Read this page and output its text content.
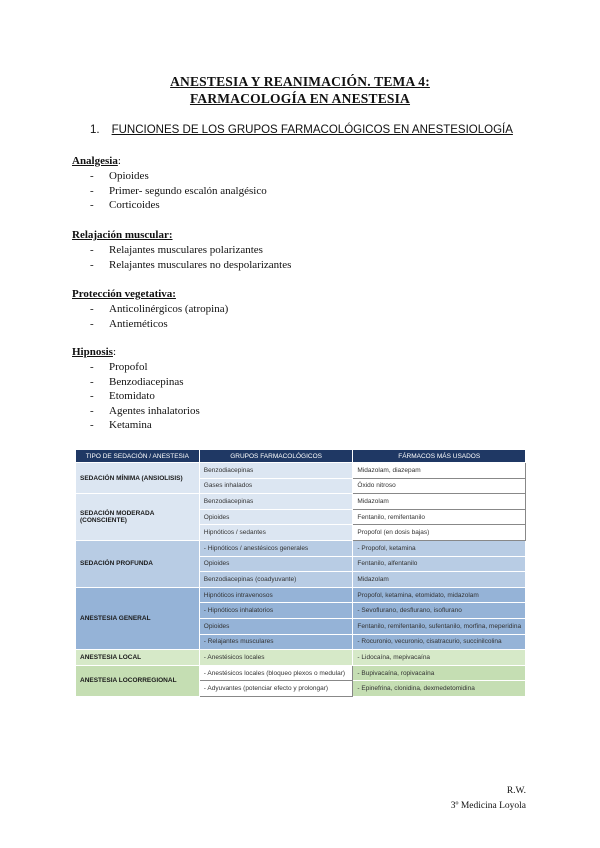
ANESTESIA Y REANIMACIÓN. TEMA 4:
FARMACOLOGÍA EN ANESTESIA
1. FUNCIONES DE LOS GRUPOS FARMACOLÓGICOS EN ANESTESIOLOGÍA
Analgesia:
- Opioides
- Primer- segundo escalón analgésico
- Corticoides
Relajación muscular:
- Relajantes musculares polarizantes
- Relajantes musculares no despolarizantes
Protección vegetativa:
- Anticolinérgicos (atropina)
- Antieméticos
Hipnosis:
- Propofol
- Benzodiacepinas
- Etomidato
- Agentes inhalatorios
- Ketamina
TIPO DE SEDACIÓN / ANESTESIA	GRUPOS FARMACOLÓGICOS	FÁRMACOS MÁS USADOS
SEDACIÓN MÍNIMA (ANSIOLISIS)	Benzodiacepinas	Midazolam, diazepam
	Gases inhalados	Óxido nitroso
SEDACIÓN MODERADA (CONSCIENTE)	Benzodiacepinas	Midazolam
	Opioides	Fentanilo, remifentanilo
	Hipnóticos / sedantes	Propofol (en dosis bajas)
SEDACIÓN PROFUNDA	- Hipnóticos / anestésicos generales	- Propofol, ketamina
	Opioides	Fentanilo, alfentanilo
	Benzodiacepinas (coadyuvante)	Midazolam
ANESTESIA GENERAL	Hipnóticos intravenosos	Propofol, ketamina, etomidato, midazolam
	- Hipnóticos inhalatorios	- Sevoflurano, desflurano, isoflurano
	Opioides	Fentanilo, remifentanilo, sufentanilo, morfina, meperidina
	- Relajantes musculares	- Rocuronio, vecuronio, cisatracurio, succinilcolina
ANESTESIA LOCAL	- Anestésicos locales	- Lidocaína, mepivacaína
ANESTESIA LOCORREGIONAL	- Anestésicos locales (bloqueo plexos o medular)	- Bupivacaína, ropivacaína
	- Adyuvantes (potenciar efecto y prolongar)	- Epinefrina, clonidina, dexmedetomidina
R.W.
3º Medicina Loyola
